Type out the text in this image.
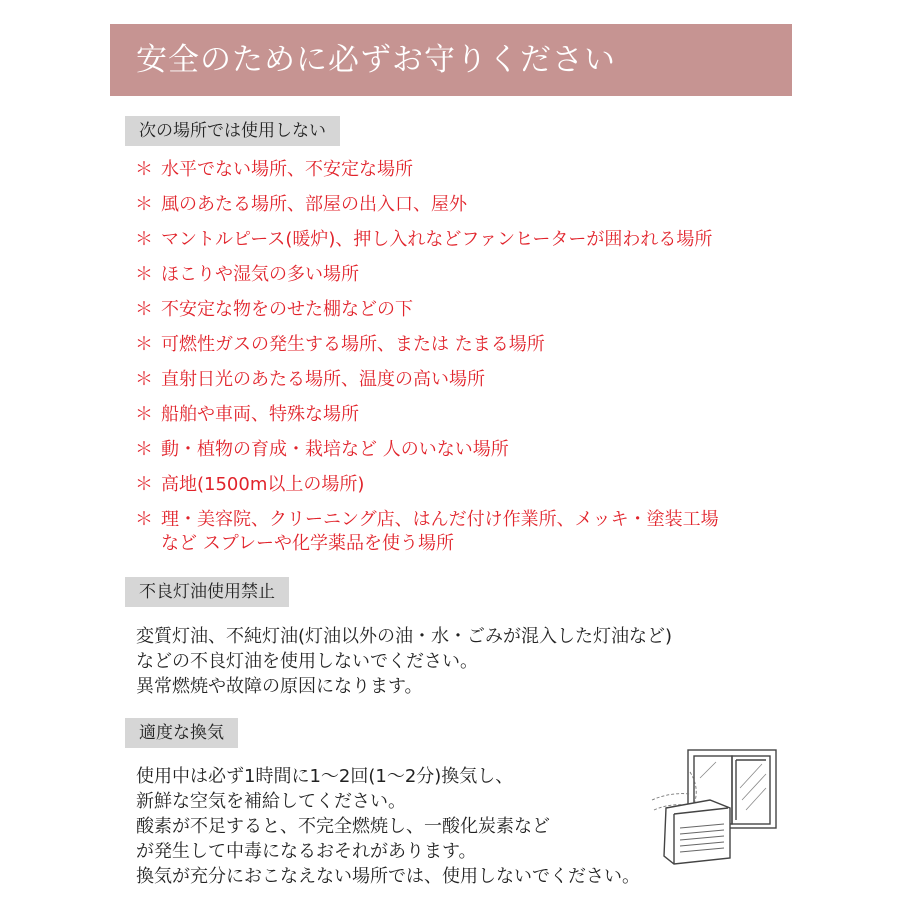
安全のために必ずお守りください
次の場所では使用しない
＊ 水平でない場所、不安定な場所
＊ 風のあたる場所、部屋の出入口、屋外
＊ マントルピース(暖炉)、押し入れなどファンヒーターが囲われる場所
＊ ほこりや湿気の多い場所
＊ 不安定な物をのせた棚などの下
＊ 可燃性ガスの発生する場所、または たまる場所
＊ 直射日光のあたる場所、温度の高い場所
＊ 船舶や車両、特殊な場所
＊ 動・植物の育成・栽培など 人のいない場所
＊ 高地(1500m以上の場所)
＊ 理・美容院、クリーニング店、はんだ付け作業所、メッキ・塗装工場
など スプレーや化学薬品を使う場所
不良灯油使用禁止

変質灯油、不純灯油(灯油以外の油・水・ごみが混入した灯油など)

などの不良灯油を使用しないでください。

異常燃焼や故障の原因になります。

適度な換気

使用中は必ず1時間に1〜2回(1〜2分)換気し、

新鮮な空気を補給してください。

酸素が不足すると、不完全燃焼し、一酸化炭素など

が発生して中毒になるおそれがあります。

換気が充分におこなえない場所では、使用しないでください。
